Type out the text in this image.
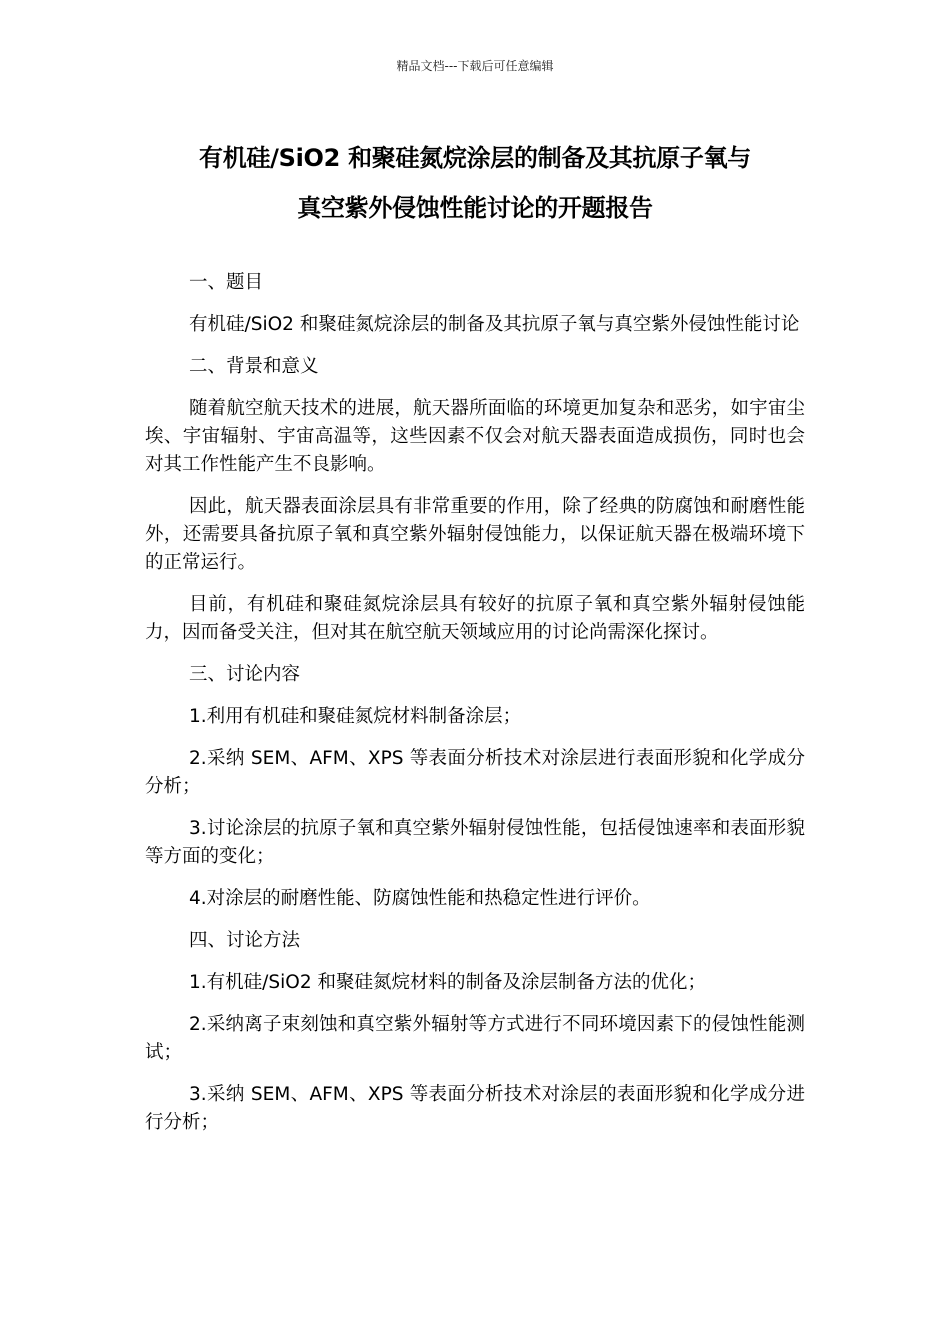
精品文档---下载后可任意编辑
有机硅/SiO2 和聚硅氮烷涂层的制备及其抗原子氧与
真空紫外侵蚀性能讨论的开题报告

一、题目

有机硅/SiO2 和聚硅氮烷涂层的制备及其抗原子氧与真空紫外侵蚀性能讨论

二、背景和意义

随着航空航天技术的进展，航天器所面临的环境更加复杂和恶劣，如宇宙尘埃、宇宙辐射、宇宙高温等，这些因素不仅会对航天器表面造成损伤，同时也会对其工作性能产生不良影响。

因此，航天器表面涂层具有非常重要的作用，除了经典的防腐蚀和耐磨性能外，还需要具备抗原子氧和真空紫外辐射侵蚀能力，以保证航天器在极端环境下的正常运行。

目前，有机硅和聚硅氮烷涂层具有较好的抗原子氧和真空紫外辐射侵蚀能力，因而备受关注，但对其在航空航天领域应用的讨论尚需深化探讨。

三、讨论内容

1.利用有机硅和聚硅氮烷材料制备涂层；

2.采纳 SEM、AFM、XPS 等表面分析技术对涂层进行表面形貌和化学成分分析；

3.讨论涂层的抗原子氧和真空紫外辐射侵蚀性能，包括侵蚀速率和表面形貌等方面的变化；

4.对涂层的耐磨性能、防腐蚀性能和热稳定性进行评价。

四、讨论方法

1.有机硅/SiO2 和聚硅氮烷材料的制备及涂层制备方法的优化；

2.采纳离子束刻蚀和真空紫外辐射等方式进行不同环境因素下的侵蚀性能测试；

3.采纳 SEM、AFM、XPS 等表面分析技术对涂层的表面形貌和化学成分进行分析；
